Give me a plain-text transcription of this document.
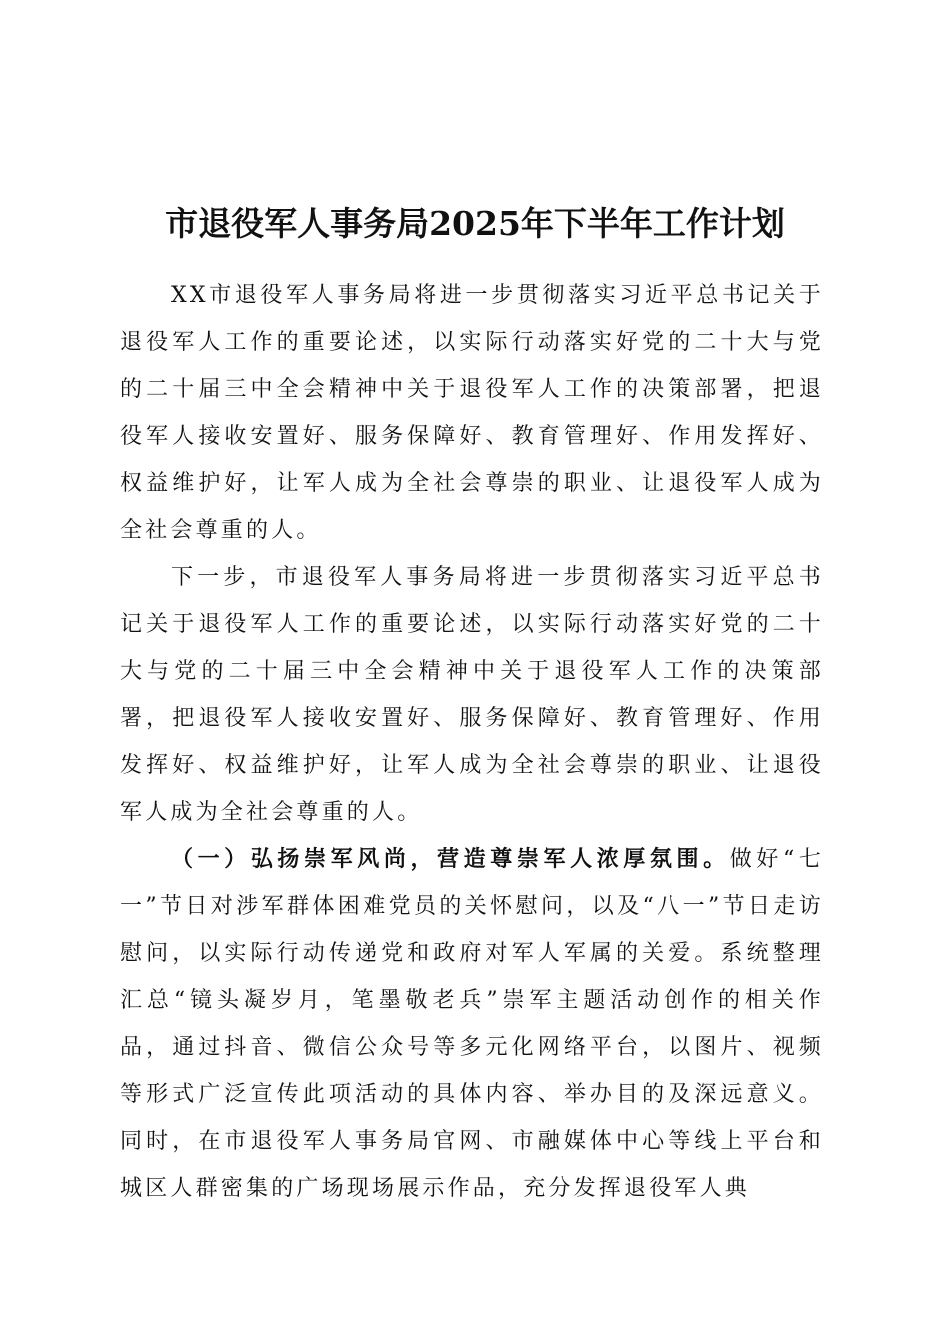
市退役军人事务局2025年下半年工作计划

XX市退役军人事务局将进一步贯彻落实习近平总书记关于退役军人工作的重要论述，以实际行动落实好党的二十大与党的二十届三中全会精神中关于退役军人工作的决策部署，把退役军人接收安置好、服务保障好、教育管理好、作用发挥好、权益维护好，让军人成为全社会尊崇的职业、让退役军人成为全社会尊重的人。

下一步，市退役军人事务局将进一步贯彻落实习近平总书记关于退役军人工作的重要论述，以实际行动落实好党的二十大与党的二十届三中全会精神中关于退役军人工作的决策部署，把退役军人接收安置好、服务保障好、教育管理好、作用发挥好、权益维护好，让军人成为全社会尊崇的职业、让退役军人成为全社会尊重的人。

（一）弘扬崇军风尚，营造尊崇军人浓厚氛围。做好“七一”节日对涉军群体困难党员的关怀慰问，以及“八一”节日走访慰问，以实际行动传递党和政府对军人军属的关爱。系统整理汇总“镜头凝岁月，笔墨敬老兵”崇军主题活动创作的相关作品，通过抖音、微信公众号等多元化网络平台，以图片、视频等形式广泛宣传此项活动的具体内容、举办目的及深远意义。同时，在市退役军人事务局官网、市融媒体中心等线上平台和城区人群密集的广场现场展示作品，充分发挥退役军人典
